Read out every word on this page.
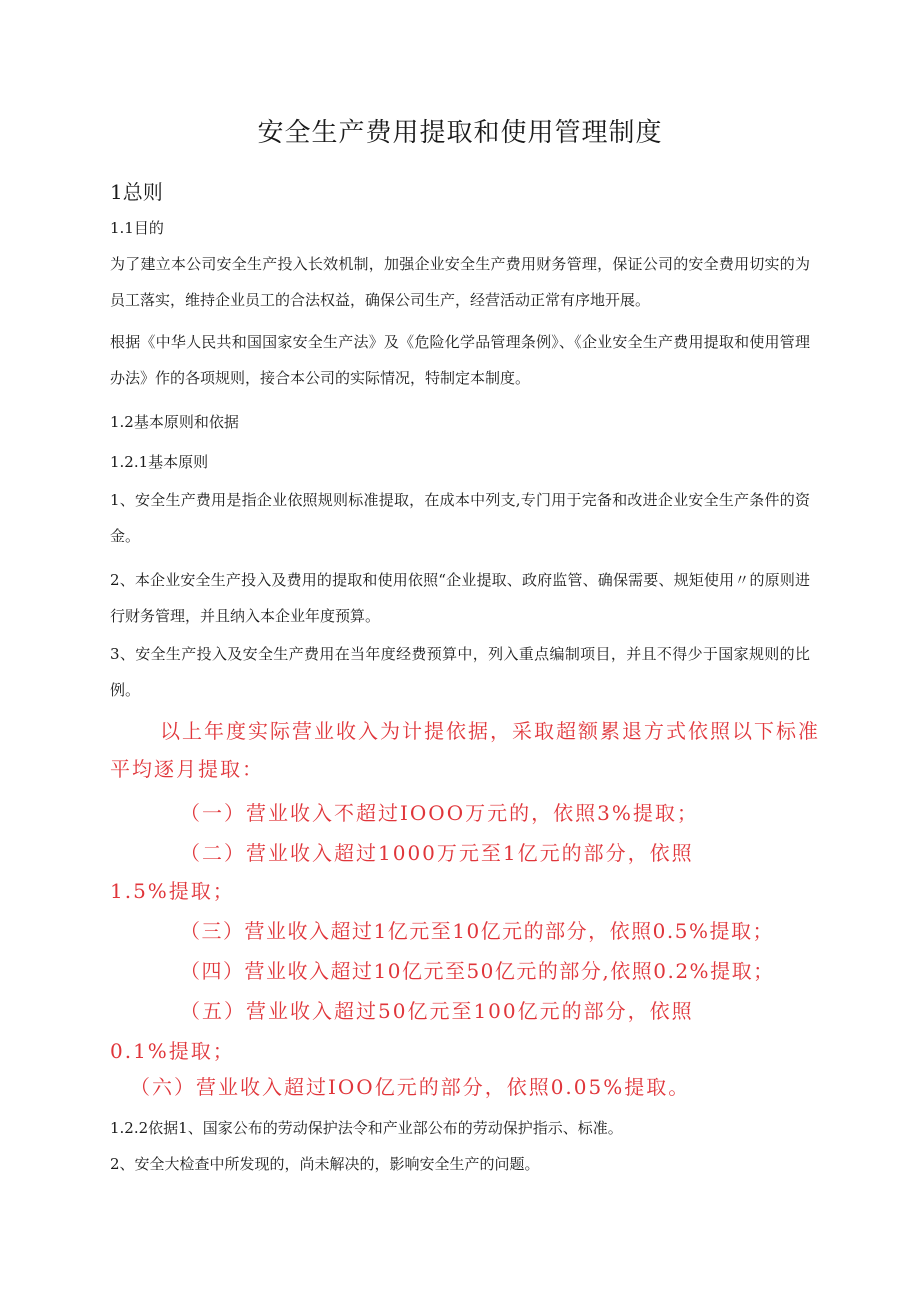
安全生产费用提取和使用管理制度
1总则

1.1目的

为了建立本公司安全生产投入长效机制，加强企业安全生产费用财务管理，保证公司的安全费用切实的为员工落实，维持企业员工的合法权益，确保公司生产，经营活动正常有序地开展。

根据《中华人民共和国国家安全生产法》及《危险化学品管理条例》、《企业安全生产费用提取和使用管理办法》作的各项规则，接合本公司的实际情况，特制定本制度。

1.2基本原则和依据

1.2.1基本原则

1、安全生产费用是指企业依照规则标准提取，在成本中列支,专门用于完备和改进企业安全生产条件的资金。

2、本企业安全生产投入及费用的提取和使用依照“企业提取、政府监管、确保需要、规矩使用〃的原则进行财务管理，并且纳入本企业年度预算。

3、安全生产投入及安全生产费用在当年度经费预算中，列入重点编制项目，并且不得少于国家规则的比例。

以上年度实际营业收入为计提依据，采取超额累退方式依照以下标准平均逐月提取：

（一）营业收入不超过IOOO万元的，依照3%提取；

（二）营业收入超过1000万元至1亿元的部分，依照

1.5%提取；

（三）营业收入超过1亿元至10亿元的部分，依照0.5%提取；

（四）营业收入超过10亿元至50亿元的部分,依照0.2%提取；

（五）营业收入超过50亿元至100亿元的部分，依照

0.1%提取；

（六）营业收入超过IOO亿元的部分，依照0.05%提取。

1.2.2依据1、国家公布的劳动保护法令和产业部公布的劳动保护指示、标准。

2、安全大检查中所发现的，尚未解决的，影响安全生产的问题。
